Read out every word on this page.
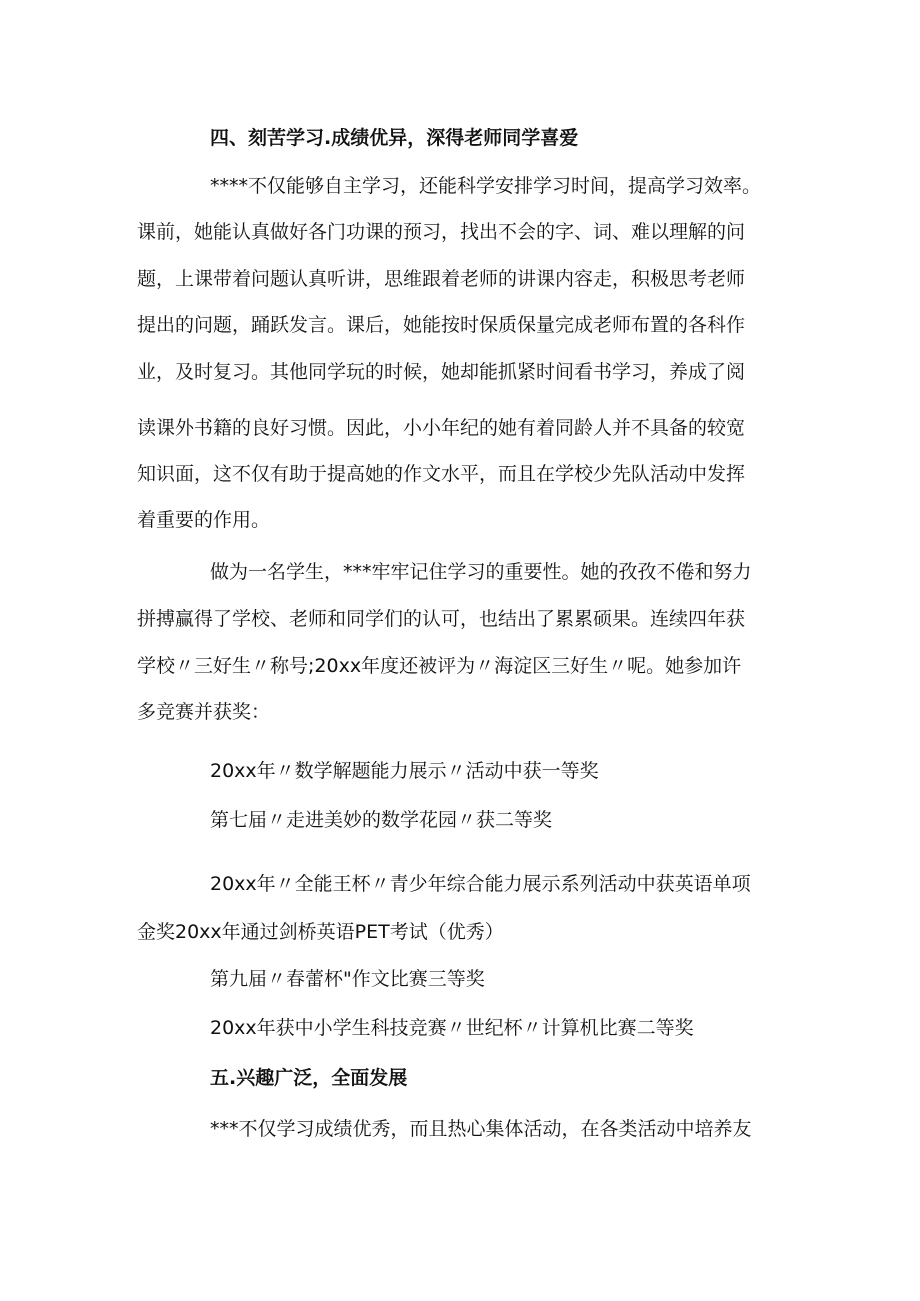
四、刻苦学习.成绩优异，深得老师同学喜爱
****不仅能够自主学习，还能科学安排学习时间，提高学习效率。
课前，她能认真做好各门功课的预习，找出不会的字、词、难以理解的问
题，上课带着问题认真听讲，思维跟着老师的讲课内容走，积极思考老师
提出的问题，踊跃发言。课后，她能按时保质保量完成老师布置的各科作
业，及时复习。其他同学玩的时候，她却能抓紧时间看书学习，养成了阅
读课外书籍的良好习惯。因此，小小年纪的她有着同龄人并不具备的较宽
知识面，这不仅有助于提高她的作文水平，而且在学校少先队活动中发挥
着重要的作用。
做为一名学生，***牢牢记住学习的重要性。她的孜孜不倦和努力
拼搏赢得了学校、老师和同学们的认可，也结出了累累硕果。连续四年获
学校〃三好生〃称号;20xx年度还被评为〃海淀区三好生〃呢。她参加许
多竞赛并获奖：
20xx年〃数学解题能力展示〃活动中获一等奖
第七届〃走进美妙的数学花园〃获二等奖
20xx年〃全能王杯〃青少年综合能力展示系列活动中获英语单项
金奖20xx年通过剑桥英语PET考试（优秀）
第九届〃春蕾杯"作文比赛三等奖
20xx年获中小学生科技竞赛〃世纪杯〃计算机比赛二等奖
五.兴趣广泛，全面发展
***不仅学习成绩优秀，而且热心集体活动，在各类活动中培养友
